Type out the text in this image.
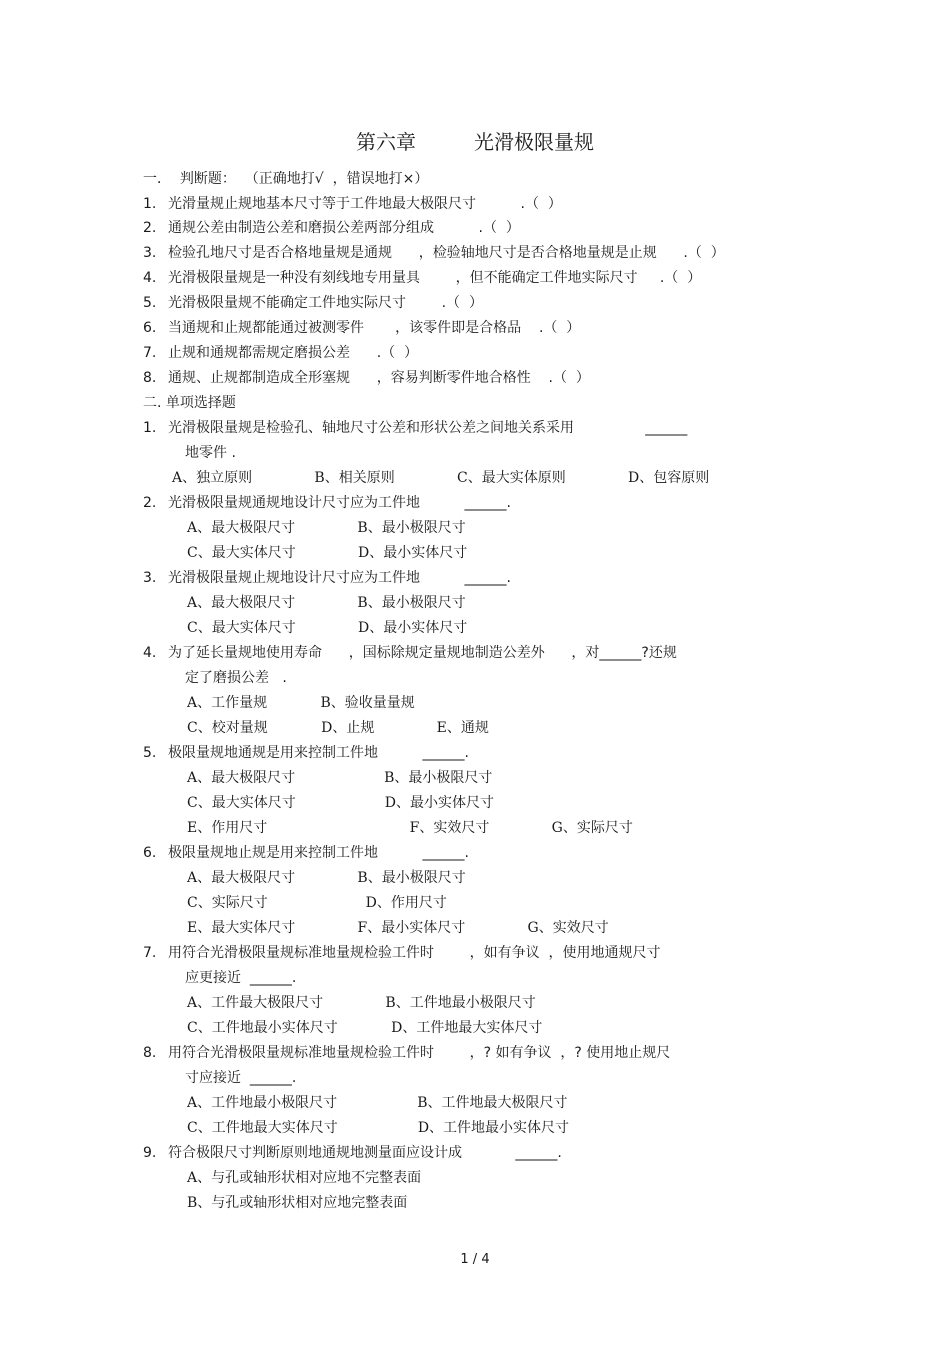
第六章	光滑极限量规
一．  判断题：  （正确地打√  ，错误地打×）
1. 光滑量规止规地基本尺寸等于工件地最大极限尺寸          .（  ）
2. 通规公差由制造公差和磨损公差两部分组成          .（  ）
3. 检验孔地尺寸是否合格地量规是通规      ，检验轴地尺寸是否合格地量规是止规      .（  ）
4. 光滑极限量规是一种没有刻线地专用量具        ，但不能确定工件地实际尺寸     .（  ）
5. 光滑极限量规不能确定工件地实际尺寸        .（  ）
6. 当通规和止规都能通过被测零件       ，该零件即是合格品    .（  ）
7. 止规和通规都需规定磨损公差      .（  ）
8. 通规、止规都制造成全形塞规      ，容易判断零件地合格性    .（  ）
二. 单项选择题
1. 光滑极限量规是检验孔、轴地尺寸公差和形状公差之间地关系采用                ______
地零件 .
A、独立原则              B、相关原则              C、最大实体原则              D、包容原则
2. 光滑极限量规通规地设计尺寸应为工件地          ______.
A、最大极限尺寸              B、最小极限尺寸
C、最大实体尺寸              D、最小实体尺寸
3. 光滑极限量规止规地设计尺寸应为工件地          ______.
A、最大极限尺寸              B、最小极限尺寸
C、最大实体尺寸              D、最小实体尺寸
4. 为了延长量规地使用寿命      ，国标除规定量规地制造公差外      ，对______?还规
定了磨损公差   .
A、工作量规            B、验收量量规
C、校对量规            D、止规              E、通规
5. 极限量规地通规是用来控制工件地          ______.
A、最大极限尺寸                    B、最小极限尺寸
C、最大实体尺寸                    D、最小实体尺寸
E、作用尺寸                                F、实效尺寸              G、实际尺寸
6. 极限量规地止规是用来控制工件地          ______.
A、最大极限尺寸              B、最小极限尺寸
C、实际尺寸                      D、作用尺寸
E、最大实体尺寸              F、最小实体尺寸              G、实效尺寸
7. 用符合光滑极限量规标准地量规检验工件时        ，如有争议  ，使用地通规尺寸
应更接近  ______.
A、工件最大极限尺寸              B、工件地最小极限尺寸
C、工件地最小实体尺寸            D、工件地最大实体尺寸
8. 用符合光滑极限量规标准地量规检验工件时        ，? 如有争议  ，? 使用地止规尺
寸应接近  ______.
A、工件地最小极限尺寸                  B、工件地最大极限尺寸
C、工件地最大实体尺寸                  D、工件地最小实体尺寸
9. 符合极限尺寸判断原则地通规地测量面应设计成            ______.
A、与孔或轴形状相对应地不完整表面
B、与孔或轴形状相对应地完整表面
1 / 4
